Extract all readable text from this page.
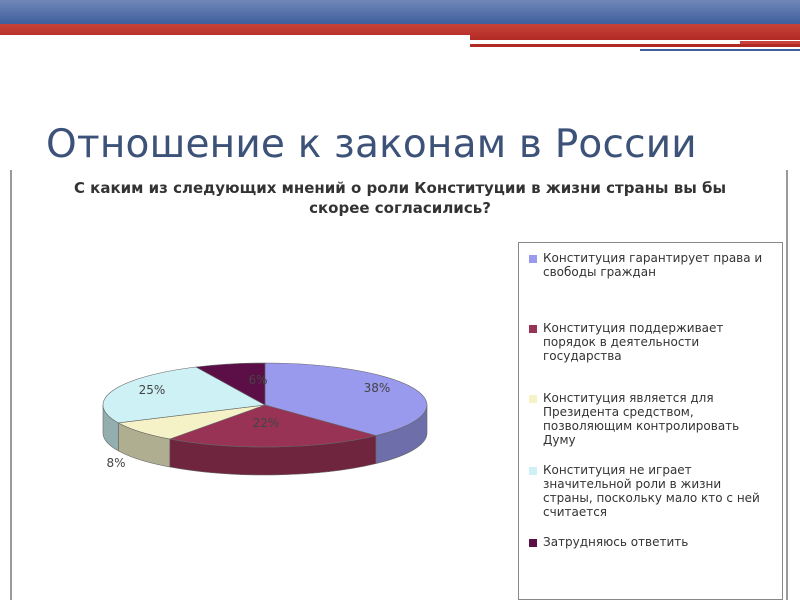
Отношение к законам в России
С каким из следующих мнений о роли Конституции в жизни страны вы бы скорее согласились?
38%
22%
8%
25%
6%
Конституция гарантирует права и свободы граждан
Конституция поддерживает порядок в деятельности государства
Конституция является для Президента средством, позволяющим контролировать Думу
Конституция не играет значительной роли в жизни страны, поскольку мало кто с ней считается
Затрудняюсь ответить
